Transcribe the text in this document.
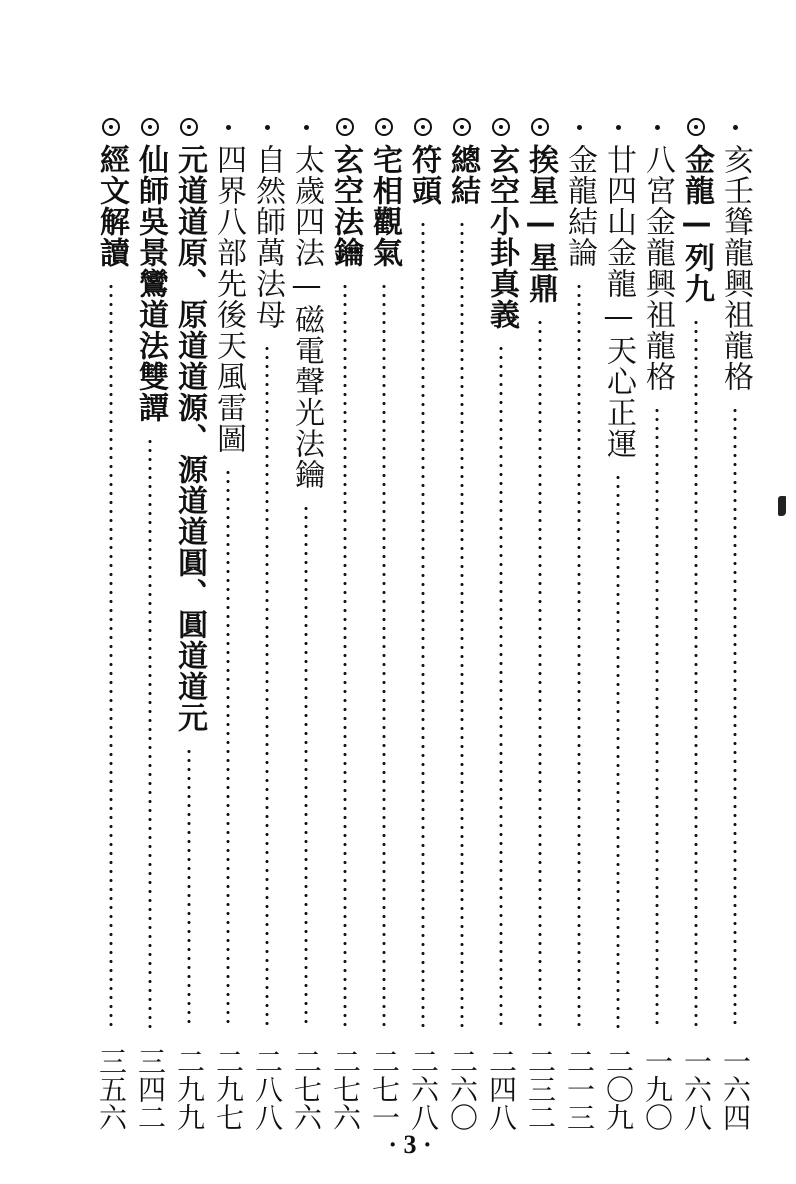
亥壬聳龍興祖龍格
一六四
金龍—列九
一六八
八宮金龍興祖龍格
一九〇
廿四山金龍—天心正運
二〇九
金龍結論
二一三
挨星—星鼎
二三二
玄空小卦真義
二四八
總結
二六〇
符頭
二六八
宅相觀氣
二七一
玄空法鑰
二七六
太歲四法—磁電聲光法鑰
二七六
自然師萬法母
二八八
四界八部先後天風雷圖
二九七
元道道原、原道道源、源道道圓、圓道道元
二九九
仙師吳景鸞道法雙譚
三四二
經文解讀
三五六
· 3 ·
